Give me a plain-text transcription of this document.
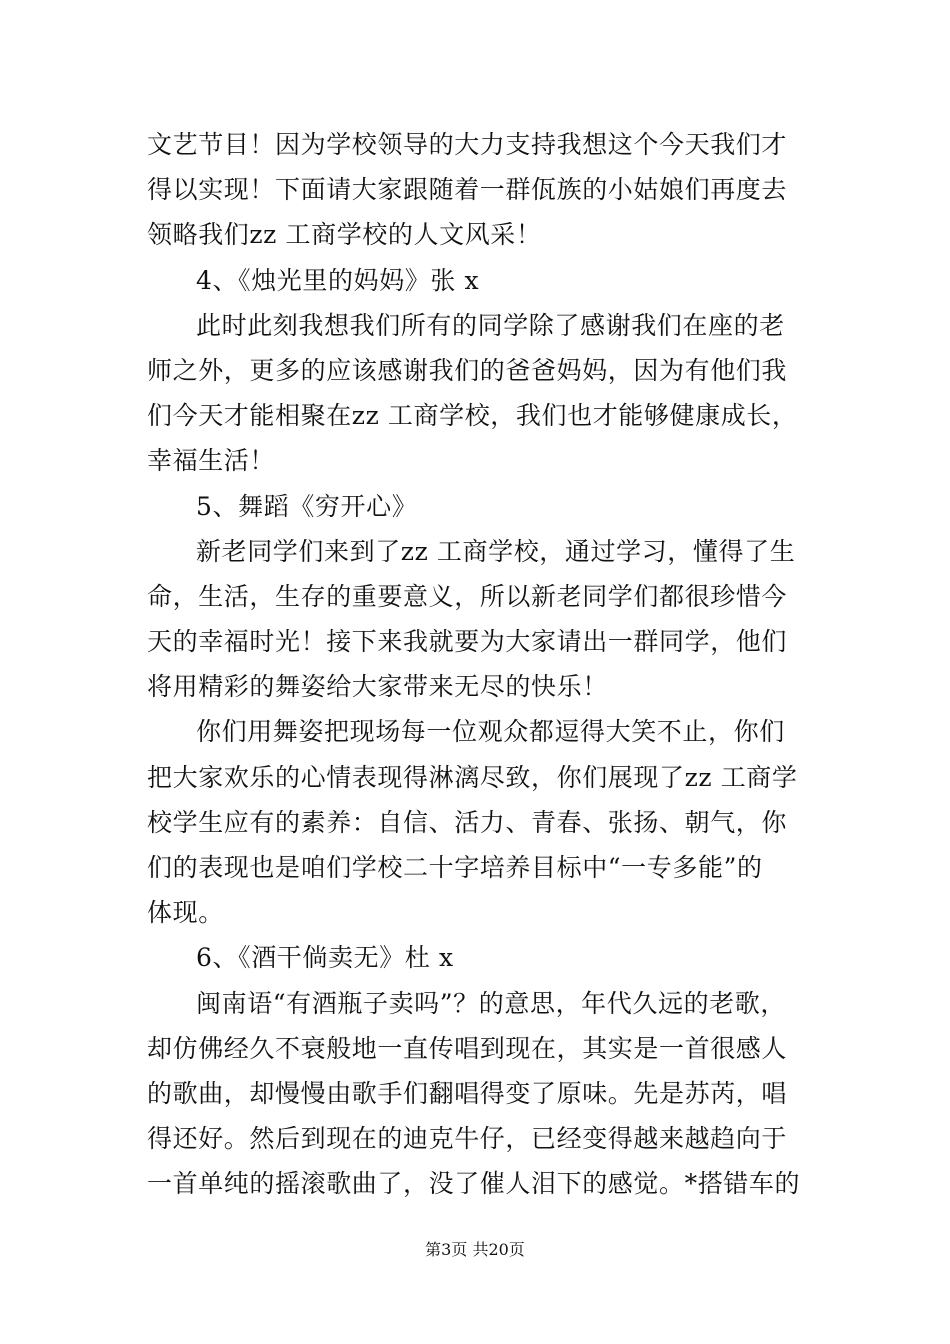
文艺节目！因为学校领导的大力支持我想这个今天我们才
得以实现！下面请大家跟随着一群佤族的小姑娘们再度去
领略我们zz 工商学校的人文风采！
4、《烛光里的妈妈》张 x
此时此刻我想我们所有的同学除了感谢我们在座的老
师之外，更多的应该感谢我们的爸爸妈妈，因为有他们我
们今天才能相聚在zz 工商学校，我们也才能够健康成长，
幸福生活！
5、舞蹈《穷开心》
新老同学们来到了zz 工商学校，通过学习，懂得了生
命，生活，生存的重要意义，所以新老同学们都很珍惜今
天的幸福时光！接下来我就要为大家请出一群同学，他们
将用精彩的舞姿给大家带来无尽的快乐！
你们用舞姿把现场每一位观众都逗得大笑不止，你们
把大家欢乐的心情表现得淋漓尽致，你们展现了zz 工商学
校学生应有的素养：自信、活力、青春、张扬、朝气，你
们的表现也是咱们学校二十字培养目标中“一专多能”的
体现。
6、《酒干倘卖无》杜 x
闽南语“有酒瓶子卖吗”？的意思，年代久远的老歌，
却仿佛经久不衰般地一直传唱到现在，其实是一首很感人
的歌曲，却慢慢由歌手们翻唱得变了原味。先是苏芮，唱
得还好。然后到现在的迪克牛仔，已经变得越来越趋向于
一首单纯的摇滚歌曲了，没了催人泪下的感觉。*搭错车的
第3页 共20页
